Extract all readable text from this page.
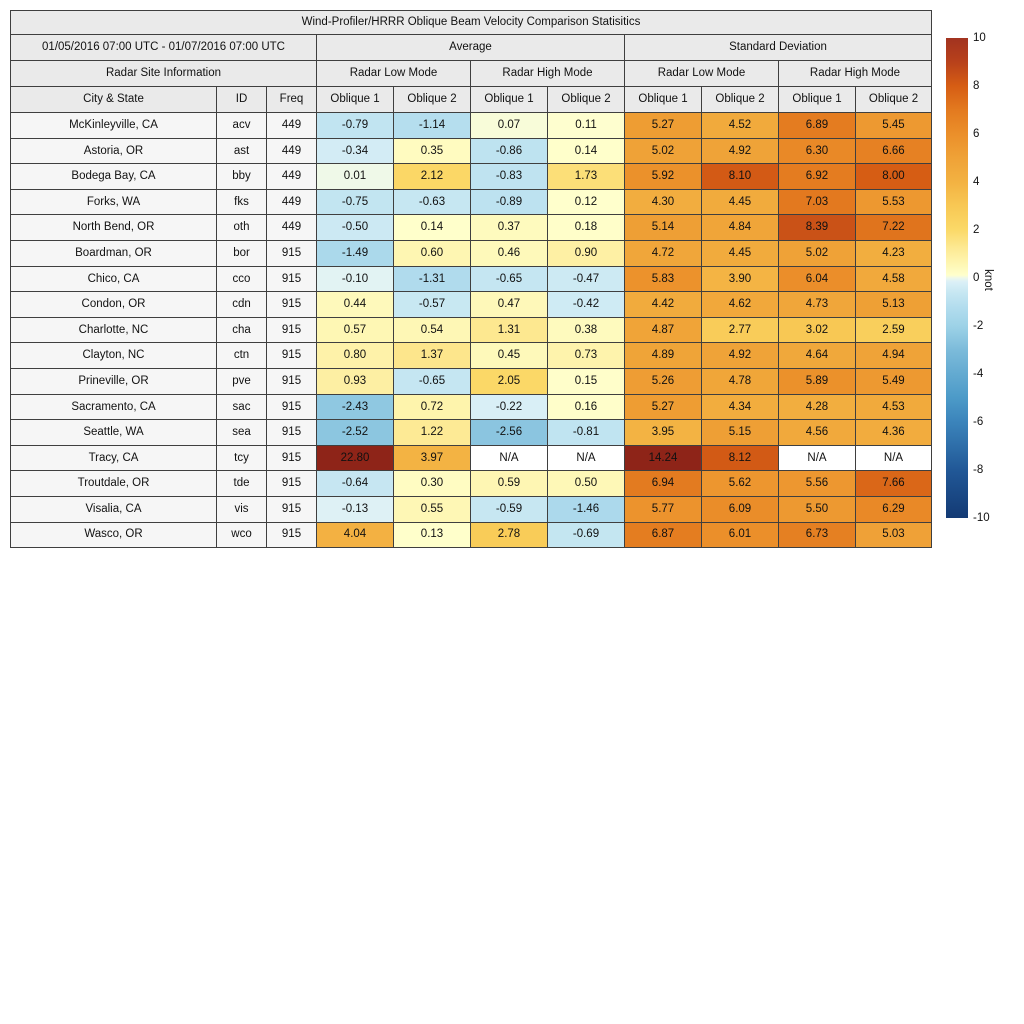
Wind-Profiler/HRRR Oblique Beam Velocity Comparison Statisitics										
01/05/2016 07:00 UTC - 01/07/2016 07:00 UTC			Average				Standard Deviation			
Radar Site Information			Radar Low Mode		Radar High Mode		Radar Low Mode		Radar High Mode	
City & State	ID	Freq	Oblique 1	Oblique 2	Oblique 1	Oblique 2	Oblique 1	Oblique 2	Oblique 1	Oblique 2
McKinleyville, CA	acv	449	-0.79	-1.14	0.07	0.11	5.27	4.52	6.89	5.45
Astoria, OR	ast	449	-0.34	0.35	-0.86	0.14	5.02	4.92	6.30	6.66
Bodega Bay, CA	bby	449	0.01	2.12	-0.83	1.73	5.92	8.10	6.92	8.00
Forks, WA	fks	449	-0.75	-0.63	-0.89	0.12	4.30	4.45	7.03	5.53
North Bend, OR	oth	449	-0.50	0.14	0.37	0.18	5.14	4.84	8.39	7.22
Boardman, OR	bor	915	-1.49	0.60	0.46	0.90	4.72	4.45	5.02	4.23
Chico, CA	cco	915	-0.10	-1.31	-0.65	-0.47	5.83	3.90	6.04	4.58
Condon, OR	cdn	915	0.44	-0.57	0.47	-0.42	4.42	4.62	4.73	5.13
Charlotte, NC	cha	915	0.57	0.54	1.31	0.38	4.87	2.77	3.02	2.59
Clayton, NC	ctn	915	0.80	1.37	0.45	0.73	4.89	4.92	4.64	4.94
Prineville, OR	pve	915	0.93	-0.65	2.05	0.15	5.26	4.78	5.89	5.49
Sacramento, CA	sac	915	-2.43	0.72	-0.22	0.16	5.27	4.34	4.28	4.53
Seattle, WA	sea	915	-2.52	1.22	-2.56	-0.81	3.95	5.15	4.56	4.36
Tracy, CA	tcy	915	22.80	3.97	N/A	N/A	14.24	8.12	N/A	N/A
Troutdale, OR	tde	915	-0.64	0.30	0.59	0.50	6.94	5.62	5.56	7.66
Visalia, CA	vis	915	-0.13	0.55	-0.59	-1.46	5.77	6.09	5.50	6.29
Wasco, OR	wco	915	4.04	0.13	2.78	-0.69	6.87	6.01	6.73	5.03
10
8
6
4
2
0
-2
-4
-6
-8
-10
knot
